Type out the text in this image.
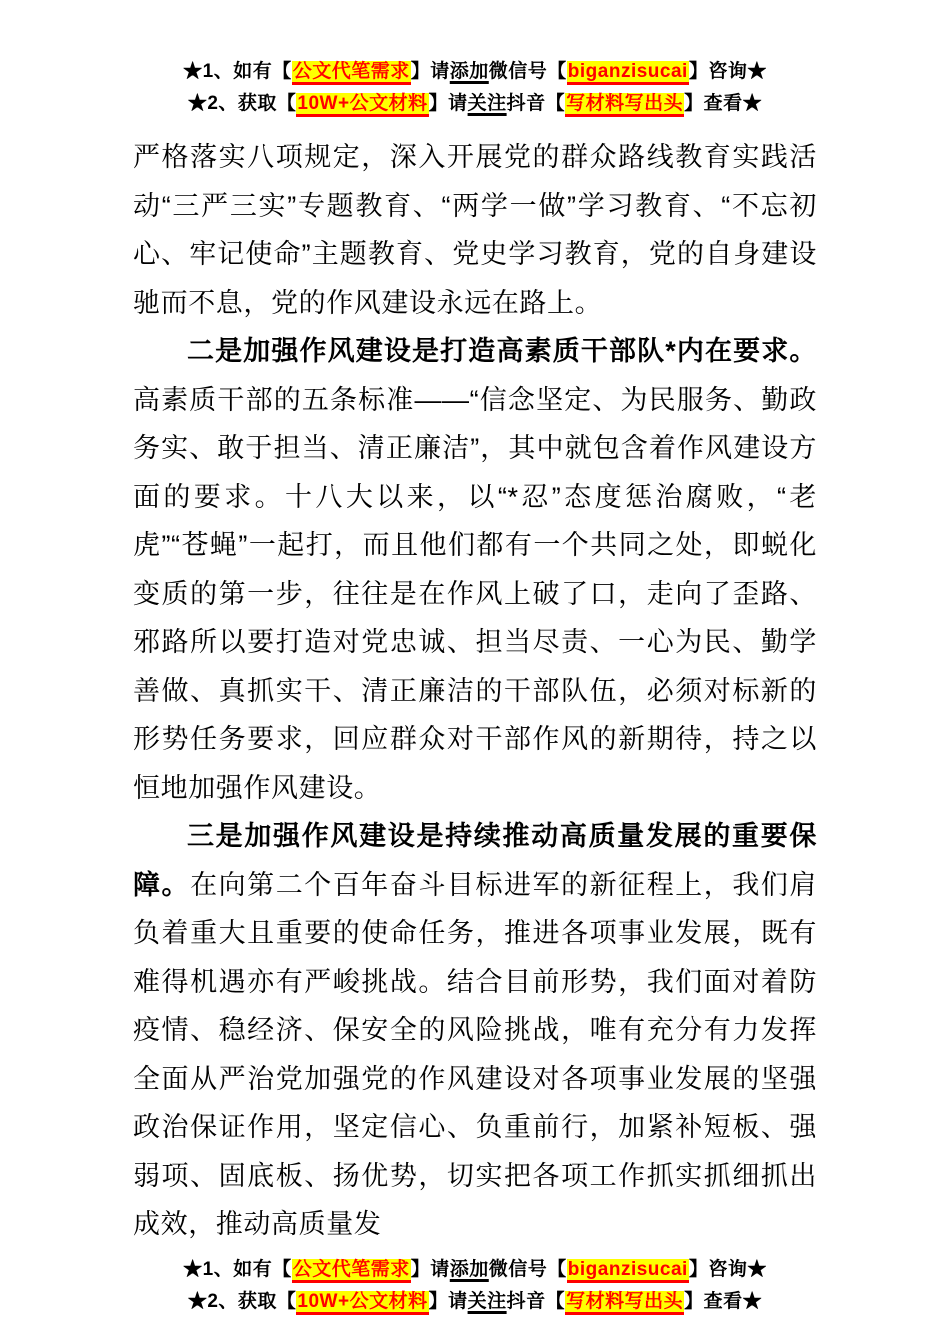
★1、如有【公文代笔需求】请添加微信号【biganzisucai】咨询★
★2、获取【10W+公文材料】请关注抖音【写材料写出头】查看★

严格落实八项规定，深入开展党的群众路线教育实践活动“三严三实”专题教育、“两学一做”学习教育、“不忘初心、牢记使命”主题教育、党史学习教育，党的自身建设驰而不息，党的作风建设永远在路上。

二是加强作风建设是打造高素质干部队*内在要求。高素质干部的五条标准——“信念坚定、为民服务、勤政务实、敢于担当、清正廉洁”，其中就包含着作风建设方面的要求。十八大以来，以“*忍”态度惩治腐败，“老虎”“苍蝇”一起打，而且他们都有一个共同之处，即蜕化变质的第一步，往往是在作风上破了口，走向了歪路、邪路所以要打造对党忠诚、担当尽责、一心为民、勤学善做、真抓实干、清正廉洁的干部队伍，必须对标新的形势任务要求，回应群众对干部作风的新期待，持之以恒地加强作风建设。

三是加强作风建设是持续推动高质量发展的重要保障。在向第二个百年奋斗目标进军的新征程上，我们肩负着重大且重要的使命任务，推进各项事业发展，既有难得机遇亦有严峻挑战。结合目前形势，我们面对着防疫情、稳经济、保安全的风险挑战，唯有充分有力发挥全面从严治党加强党的作风建设对各项事业发展的坚强政治保证作用，坚定信心、负重前行，加紧补短板、强弱项、固底板、扬优势，切实把各项工作抓实抓细抓出成效，推动高质量发

★1、如有【公文代笔需求】请添加微信号【biganzisucai】咨询★
★2、获取【10W+公文材料】请关注抖音【写材料写出头】查看★
